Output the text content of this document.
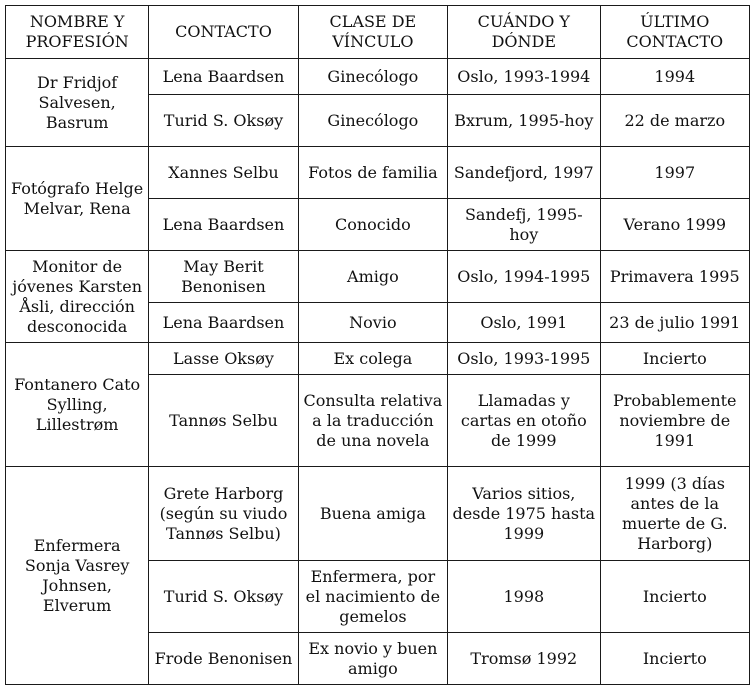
NOMBRE Y PROFESIÓN	CONTACTO	CLASE DE VÍNCULO	CUÁNDO Y DÓNDE	ÚLTIMO CONTACTO
Dr Fridjof Salvesen, Basrum	Lena Baardsen	Ginecólogo	Oslo, 1993-1994	1994
	Turid S. Oksøy	Ginecólogo	Bxrum, 1995-hoy	22 de marzo
Fotógrafo Helge Melvar, Rena	Xannes Selbu	Fotos de familia	Sandefjord, 1997	1997
	Lena Baardsen	Conocido	Sandefj, 1995-hoy	Verano 1999
Monitor de jóvenes Karsten Åsli, dirección desconocida	May Berit Benonisen	Amigo	Oslo, 1994-1995	Primavera 1995
	Lena Baardsen	Novio	Oslo, 1991	23 de julio 1991
Fontanero Cato Sylling, Lillestrøm	Lasse Oksøy	Ex colega	Oslo, 1993-1995	Incierto
	Tannøs Selbu	Consulta relativa a la traducción de una novela	Llamadas y cartas en otoño de 1999	Probablemente noviembre de 1991
Enfermera Sonja Vasrey Johnsen, Elverum	Grete Harborg (según su viudo Tannøs Selbu)	Buena amiga	Varios sitios, desde 1975 hasta 1999	1999 (3 días antes de la muerte de G. Harborg)
	Turid S. Oksøy	Enfermera, por el nacimiento de gemelos	1998	Incierto
	Frode Benonisen	Ex novio y buen amigo	Tromsø 1992	Incierto
